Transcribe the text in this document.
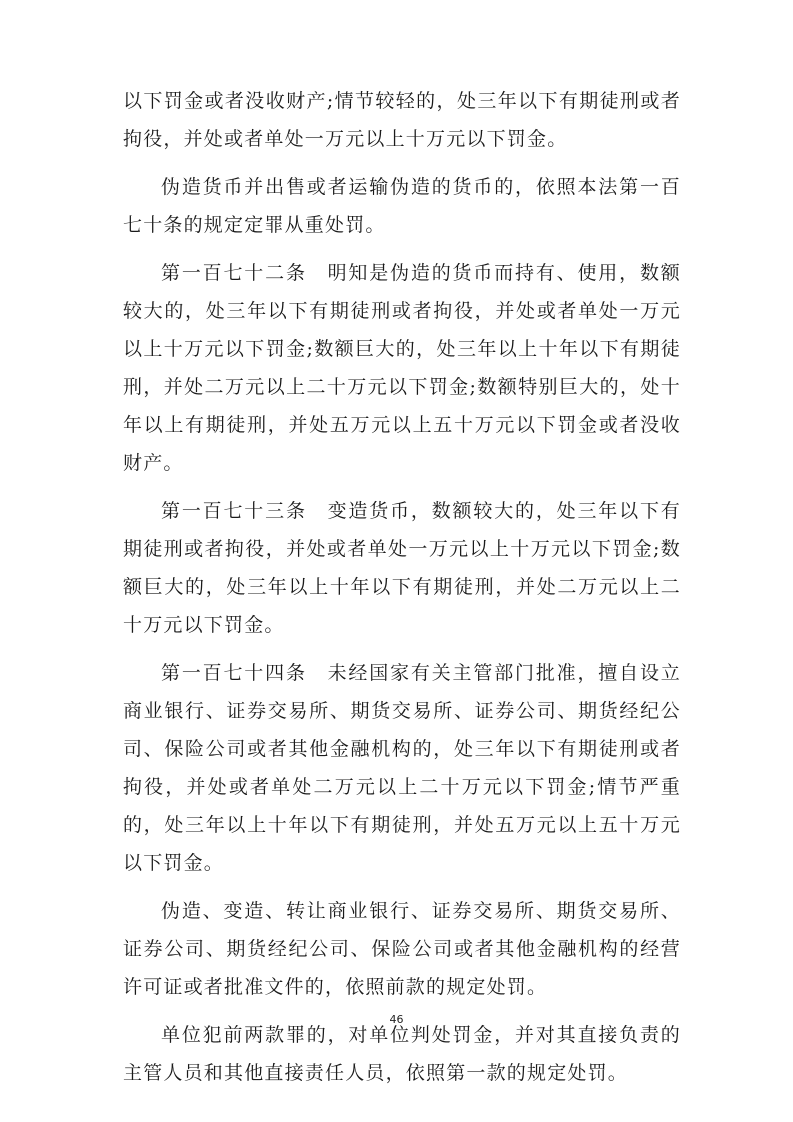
以下罚金或者没收财产;情节较轻的，处三年以下有期徒刑或者拘役，并处或者单处一万元以上十万元以下罚金。

伪造货币并出售或者运输伪造的货币的，依照本法第一百七十条的规定定罪从重处罚。

第一百七十二条　明知是伪造的货币而持有、使用，数额较大的，处三年以下有期徒刑或者拘役，并处或者单处一万元以上十万元以下罚金;数额巨大的，处三年以上十年以下有期徒刑，并处二万元以上二十万元以下罚金;数额特别巨大的，处十年以上有期徒刑，并处五万元以上五十万元以下罚金或者没收财产。

第一百七十三条　变造货币，数额较大的，处三年以下有期徒刑或者拘役，并处或者单处一万元以上十万元以下罚金;数额巨大的，处三年以上十年以下有期徒刑，并处二万元以上二十万元以下罚金。

第一百七十四条　未经国家有关主管部门批准，擅自设立商业银行、证券交易所、期货交易所、证券公司、期货经纪公司、保险公司或者其他金融机构的，处三年以下有期徒刑或者拘役，并处或者单处二万元以上二十万元以下罚金;情节严重的，处三年以上十年以下有期徒刑，并处五万元以上五十万元以下罚金。

伪造、变造、转让商业银行、证券交易所、期货交易所、证券公司、期货经纪公司、保险公司或者其他金融机构的经营许可证或者批准文件的，依照前款的规定处罚。

单位犯前两款罪的，对单位判处罚金，并对其直接负责的主管人员和其他直接责任人员，依照第一款的规定处罚。

46
